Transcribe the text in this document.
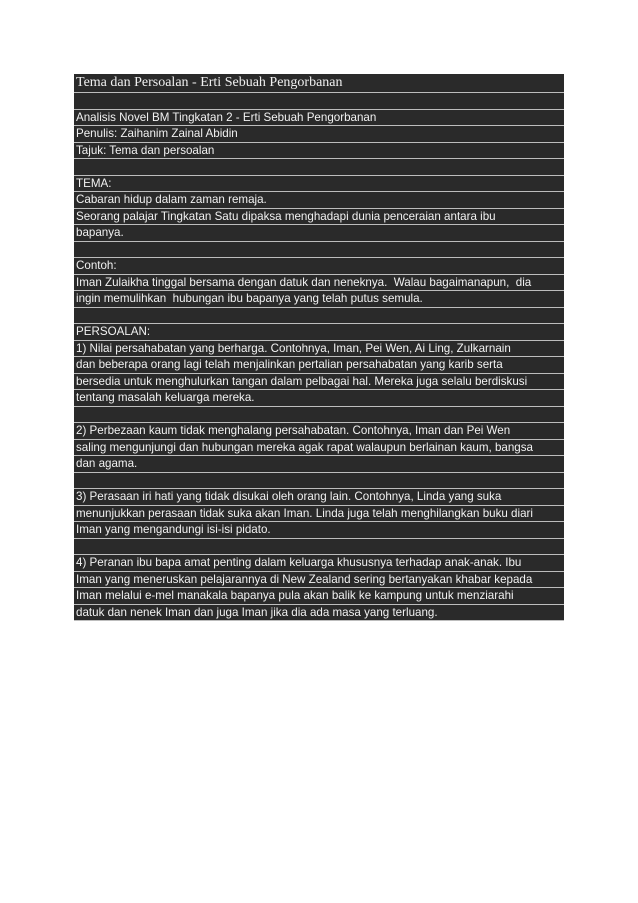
Tema dan Persoalan - Erti Sebuah Pengorbanan
Analisis Novel BM Tingkatan 2 - Erti Sebuah Pengorbanan
Penulis: Zaihanim Zainal Abidin
Tajuk: Tema dan persoalan
TEMA:
Cabaran hidup dalam zaman remaja.
Seorang palajar Tingkatan Satu dipaksa menghadapi dunia penceraian antara ibu
bapanya.
Contoh:
Iman Zulaikha tinggal bersama dengan datuk dan neneknya.  Walau bagaimanapun,  dia
ingin memulihkan  hubungan ibu bapanya yang telah putus semula.
PERSOALAN:
1) Nilai persahabatan yang berharga. Contohnya, Iman, Pei Wen, Ai Ling, Zulkarnain
dan beberapa orang lagi telah menjalinkan pertalian persahabatan yang karib serta
bersedia untuk menghulurkan tangan dalam pelbagai hal. Mereka juga selalu berdiskusi
tentang masalah keluarga mereka.
2) Perbezaan kaum tidak menghalang persahabatan. Contohnya, Iman dan Pei Wen
saling mengunjungi dan hubungan mereka agak rapat walaupun berlainan kaum, bangsa
dan agama.
3) Perasaan iri hati yang tidak disukai oleh orang lain. Contohnya, Linda yang suka
menunjukkan perasaan tidak suka akan Iman. Linda juga telah menghilangkan buku diari
Iman yang mengandungi isi-isi pidato.
4) Peranan ibu bapa amat penting dalam keluarga khususnya terhadap anak-anak. Ibu
Iman yang meneruskan pelajarannya di New Zealand sering bertanyakan khabar kepada
Iman melalui e-mel manakala bapanya pula akan balik ke kampung untuk menziarahi
datuk dan nenek Iman dan juga Iman jika dia ada masa yang terluang.
